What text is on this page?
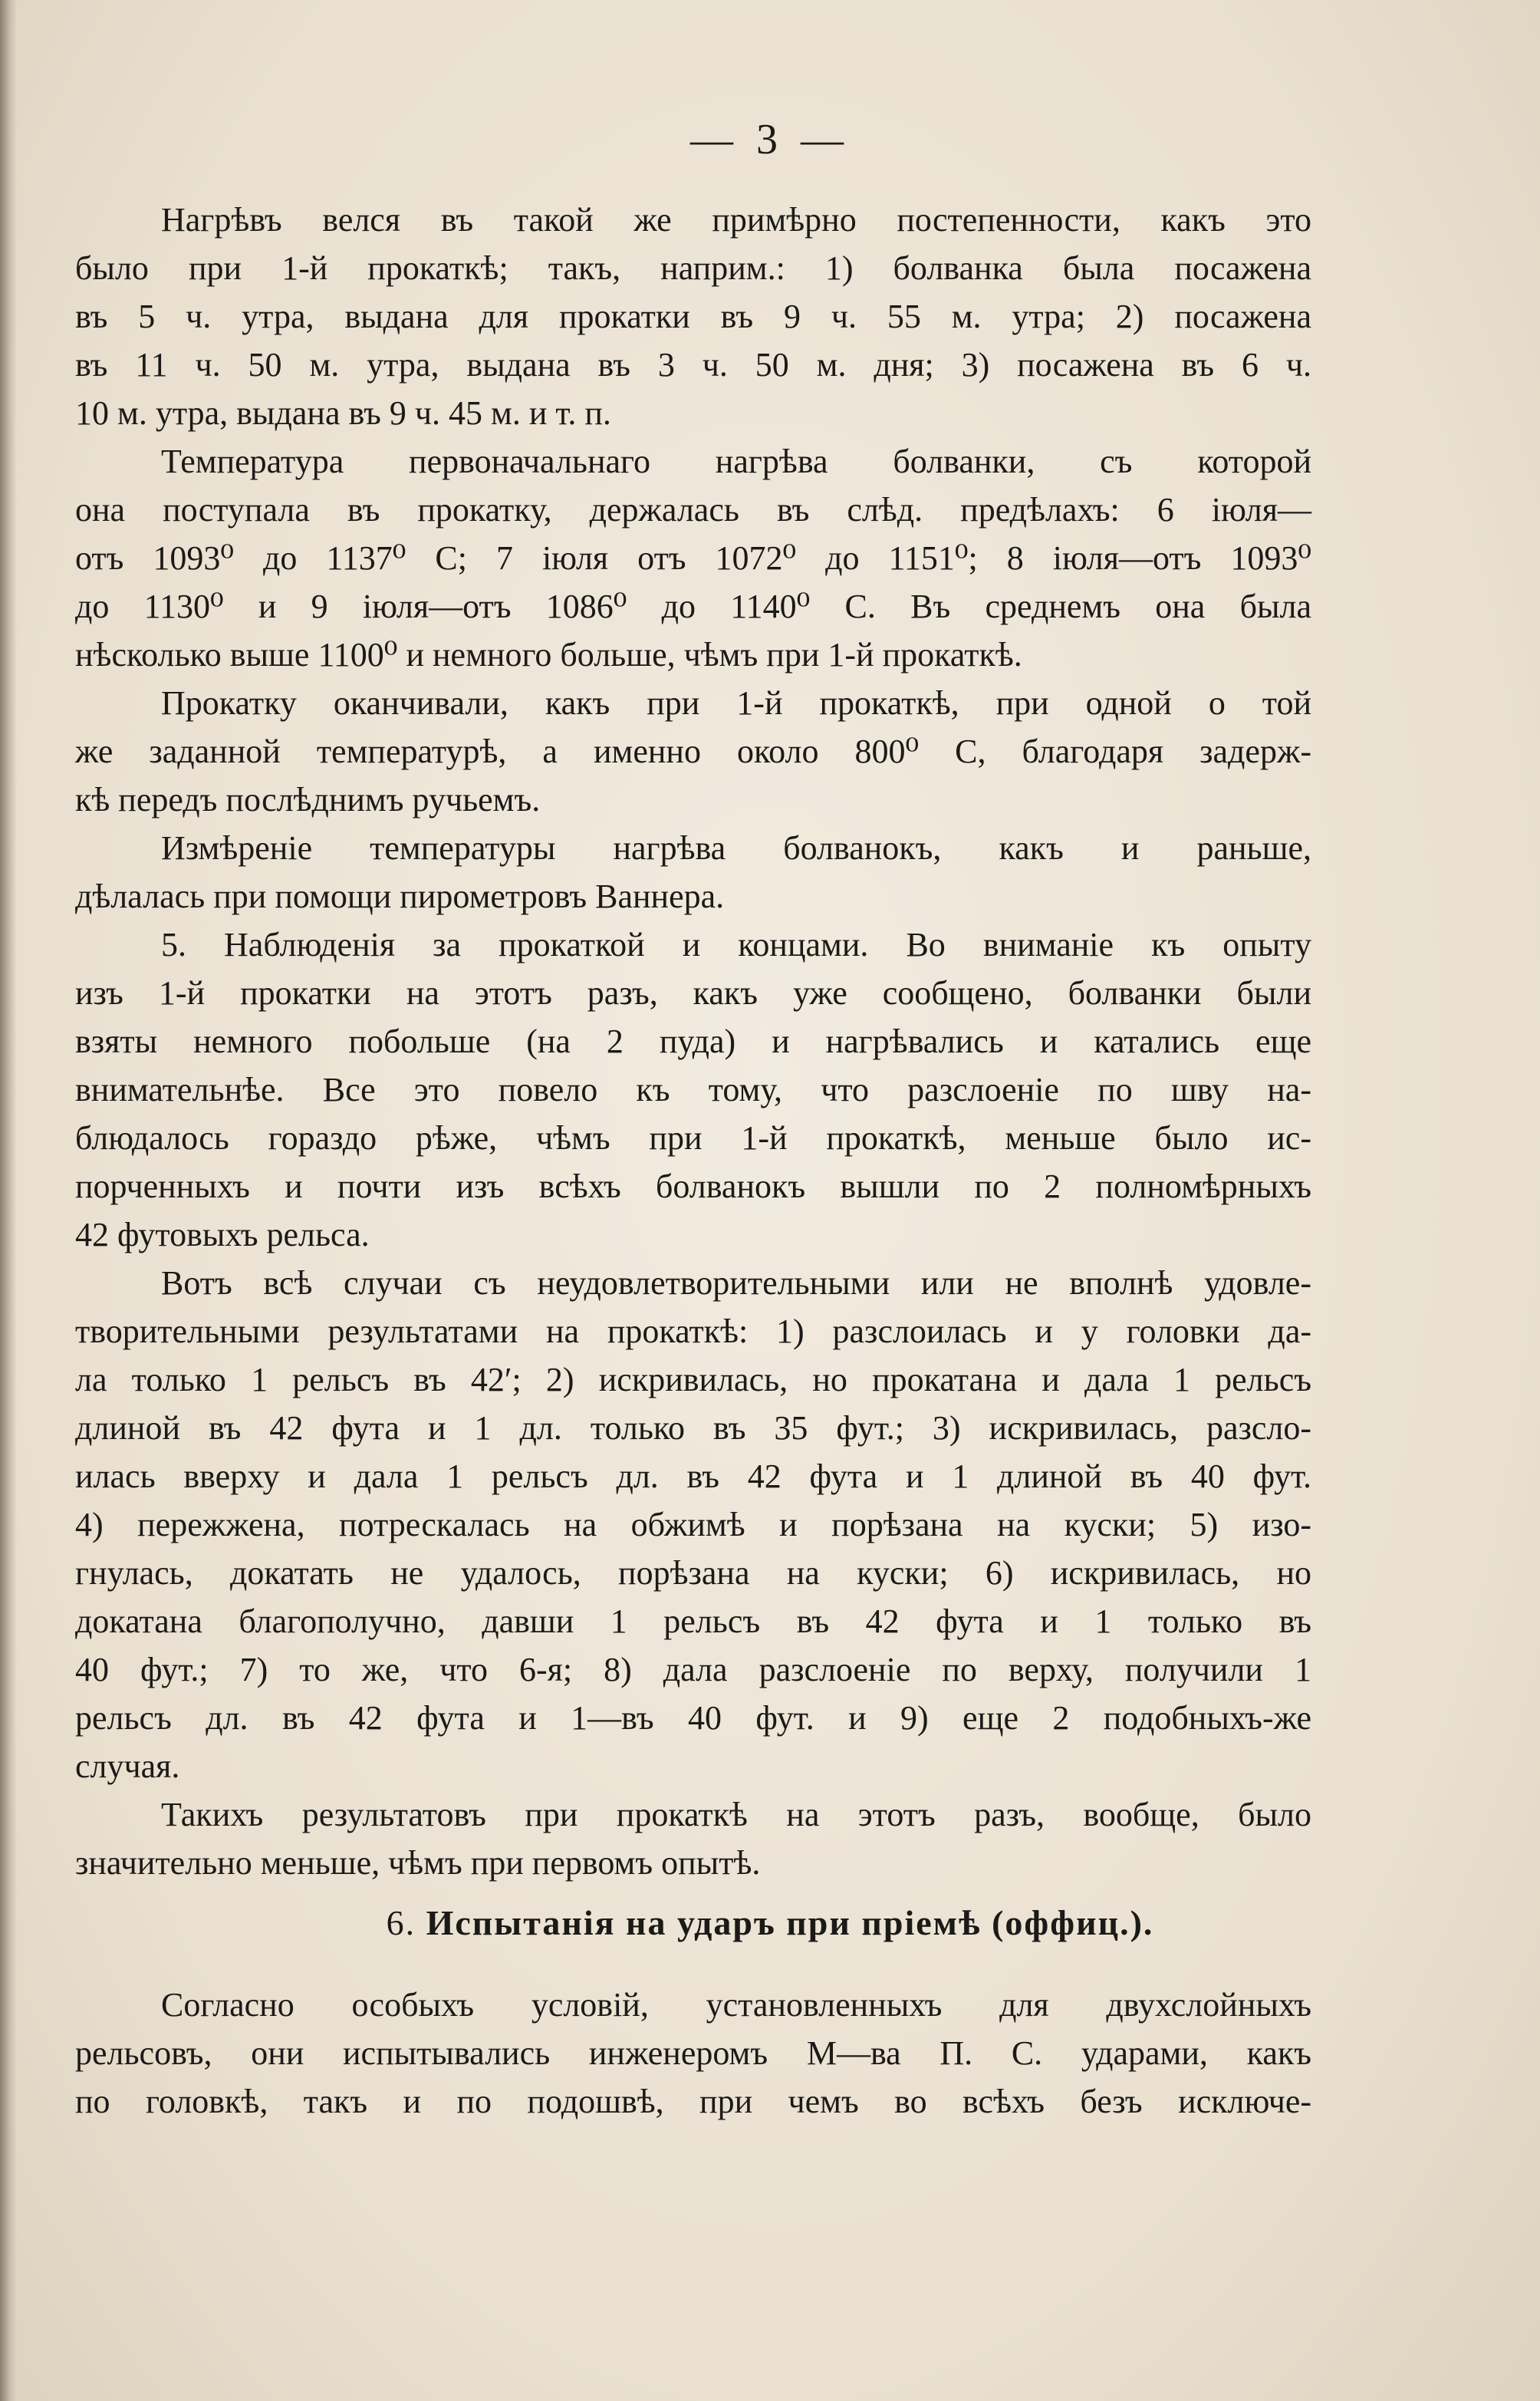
— 3 —
Нагрѣвъ велся въ такой же примѣрно постепенности, какъ это
было при 1-й прокаткѣ; такъ, наприм.: 1) болванка была посажена
въ 5 ч. утра, выдана для прокатки въ 9 ч. 55 м. утра; 2) посажена
въ 11 ч. 50 м. утра, выдана въ 3 ч. 50 м. дня; 3) посажена въ 6 ч.
10 м. утра, выдана въ 9 ч. 45 м. и т. п.
Температура первоначальнаго нагрѣва болванки, съ которой
она поступала въ прокатку, держалась въ слѣд. предѣлахъ: 6 іюля—
отъ 1093⁰ до 1137⁰ С; 7 іюля отъ 1072⁰ до 1151⁰; 8 іюля—отъ 1093⁰
до 1130⁰ и 9 іюля—отъ 1086⁰ до 1140⁰ С. Въ среднемъ она была
нѣсколько выше 1100⁰ и немного больше, чѣмъ при 1-й прокаткѣ.
Прокатку оканчивали, какъ при 1-й прокаткѣ, при одной о той
же заданной температурѣ, а именно около 800⁰ С, благодаря задерж-
кѣ передъ послѣднимъ ручьемъ.
Измѣреніе температуры нагрѣва болванокъ, какъ и раньше,
дѣлалась при помощи пирометровъ Ваннера.
5. Наблюденія за прокаткой и концами. Во вниманіе къ опыту
изъ 1-й прокатки на этотъ разъ, какъ уже сообщено, болванки были
взяты немного побольше (на 2 пуда) и нагрѣвались и катались еще
внимательнѣе. Все это повело къ тому, что разслоеніе по шву на-
блюдалось гораздо рѣже, чѣмъ при 1-й прокаткѣ, меньше было ис-
порченныхъ и почти изъ всѣхъ болванокъ вышли по 2 полномѣрныхъ
42 футовыхъ рельса.
Вотъ всѣ случаи съ неудовлетворительными или не вполнѣ удовле-
творительными результатами на прокаткѣ: 1) разслоилась и у головки да-
ла только 1 рельсъ въ 42′; 2) искривилась, но прокатана и дала 1 рельсъ
длиной въ 42 фута и 1 дл. только въ 35 фут.; 3) искривилась, разсло-
илась вверху и дала 1 рельсъ дл. въ 42 фута и 1 длиной въ 40 фут.
4) пережжена, потрескалась на обжимѣ и порѣзана на куски; 5) изо-
гнулась, докатать не удалось, порѣзана на куски; 6) искривилась, но
докатана благополучно, давши 1 рельсъ въ 42 фута и 1 только въ
40 фут.; 7) то же, что 6-я; 8) дала разслоеніе по верху, получили 1
рельсъ дл. въ 42 фута и 1—въ 40 фут. и 9) еще 2 подобныхъ-же
случая.
Такихъ результатовъ при прокаткѣ на этотъ разъ, вообще, было
значительно меньше, чѣмъ при первомъ опытѣ.
6. Испытанія на ударъ при пріемѣ (оффиц.).
Согласно особыхъ условій, установленныхъ для двухслойныхъ
рельсовъ, они испытывались инженеромъ М—ва П. С. ударами, какъ
по головкѣ, такъ и по подошвѣ, при чемъ во всѣхъ безъ исключе-
